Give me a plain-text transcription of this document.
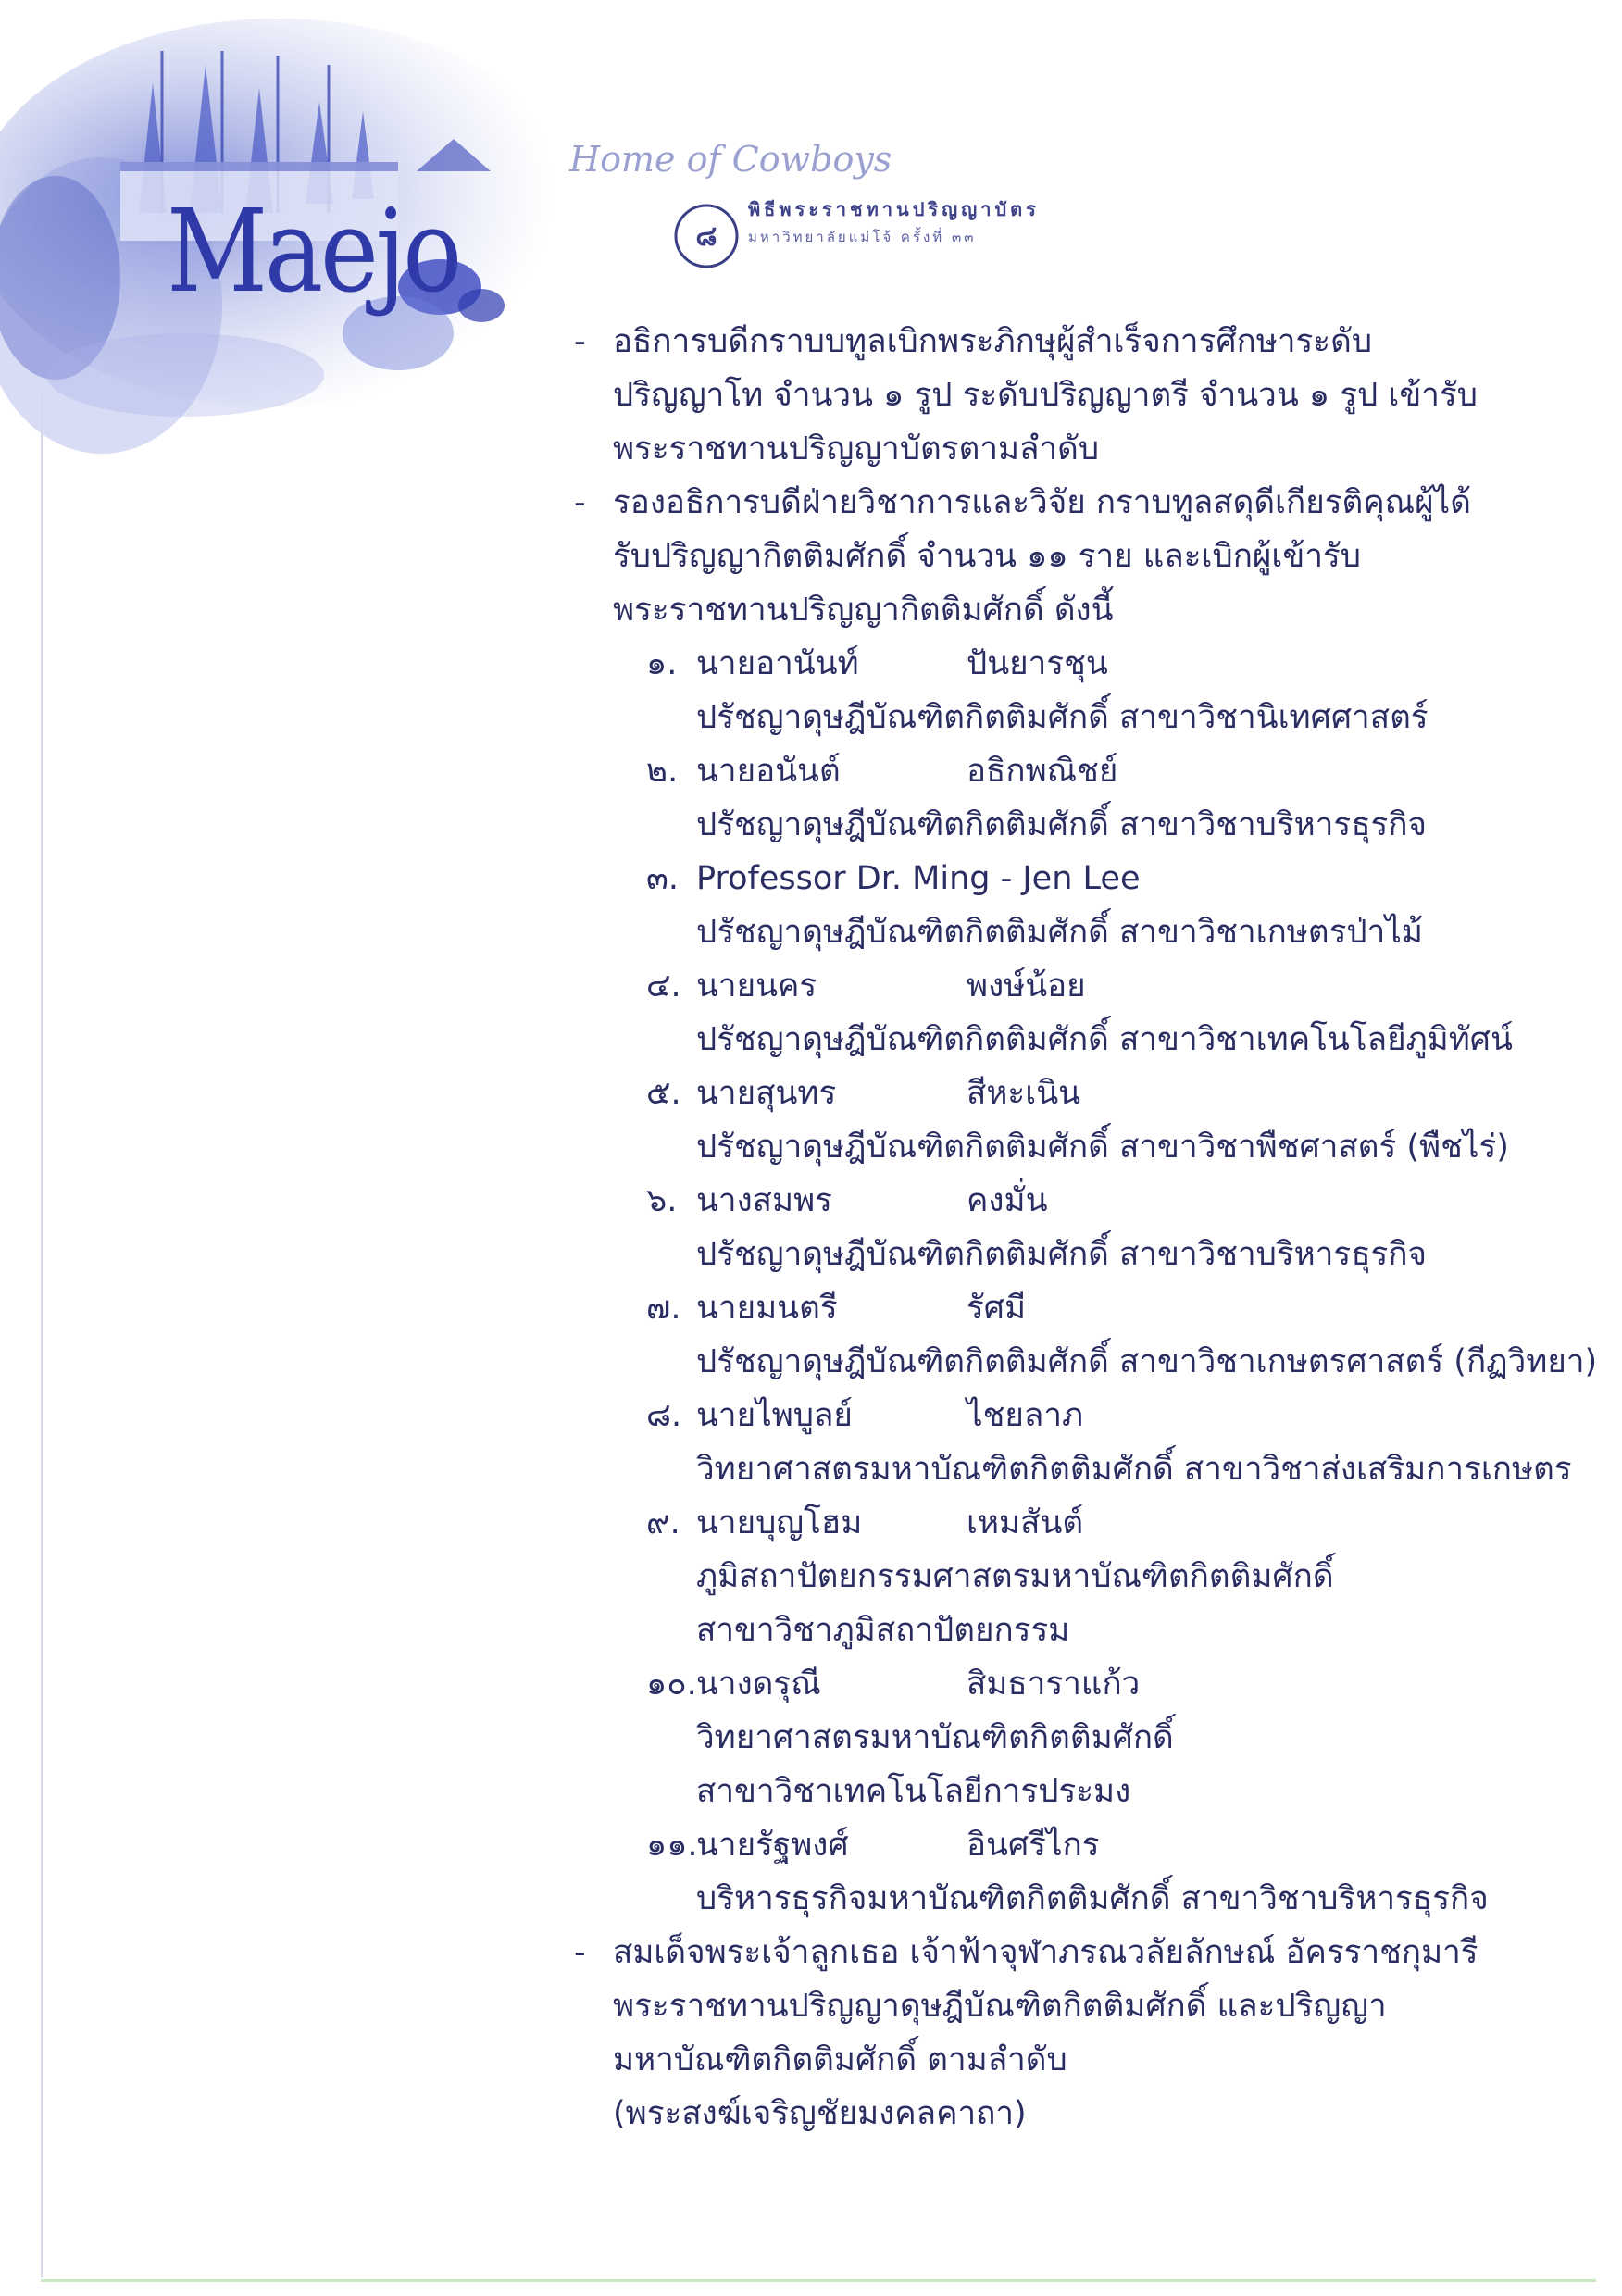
Home of Cowboys
Maejo	๘
พิธีพระราชทานปริญญาบัตร
มหาวิทยาลัยแม่โจ้ ครั้งที่ ๓๓
- อธิการบดีกราบบทูลเบิกพระภิกษุผู้สำเร็จการศึกษาระดับ
ปริญญาโท จำนวน ๑ รูป ระดับปริญญาตรี จำนวน ๑ รูป เข้ารับ
พระราชทานปริญญาบัตรตามลำดับ
- รองอธิการบดีฝ่ายวิชาการและวิจัย กราบทูลสดุดีเกียรติคุณผู้ได้
รับปริญญากิตติมศักดิ์ จำนวน ๑๑ ราย และเบิกผู้เข้ารับ
พระราชทานปริญญากิตติมศักดิ์ ดังนี้
๑. นายอานันท์	ปันยารชุน
ปรัชญาดุษฎีบัณฑิตกิตติมศักดิ์ สาขาวิชานิเทศศาสตร์
๒. นายอนันต์	อธิกพณิชย์
ปรัชญาดุษฎีบัณฑิตกิตติมศักดิ์ สาขาวิชาบริหารธุรกิจ
๓. Professor Dr. Ming - Jen Lee
ปรัชญาดุษฎีบัณฑิตกิตติมศักดิ์ สาขาวิชาเกษตรป่าไม้
๔. นายนคร	พงษ์น้อย
ปรัชญาดุษฎีบัณฑิตกิตติมศักดิ์ สาขาวิชาเทคโนโลยีภูมิทัศน์
๕. นายสุนทร	สีหะเนิน
ปรัชญาดุษฎีบัณฑิตกิตติมศักดิ์ สาขาวิชาพืชศาสตร์ (พืชไร่)
๖. นางสมพร	คงมั่น
ปรัชญาดุษฎีบัณฑิตกิตติมศักดิ์ สาขาวิชาบริหารธุรกิจ
๗. นายมนตรี	รัศมี
ปรัชญาดุษฎีบัณฑิตกิตติมศักดิ์ สาขาวิชาเกษตรศาสตร์ (กีฏวิทยา)
๘. นายไพบูลย์	ไชยลาภ
วิทยาศาสตรมหาบัณฑิตกิตติมศักดิ์ สาขาวิชาส่งเสริมการเกษตร
๙. นายบุญโฮม	เหมสันต์
ภูมิสถาปัตยกรรมศาสตรมหาบัณฑิตกิตติมศักดิ์
สาขาวิชาภูมิสถาปัตยกรรม
๑๐. นางดรุณี	สิมธาราแก้ว
วิทยาศาสตรมหาบัณฑิตกิตติมศักดิ์
สาขาวิชาเทคโนโลยีการประมง
๑๑.
นายรัฐพงศ์	อินศรีไกร
บริหารธุรกิจมหาบัณฑิตกิตติมศักดิ์ สาขาวิชาบริหารธุรกิจ
- สมเด็จพระเจ้าลูกเธอ เจ้าฟ้าจุฬาภรณวลัยลักษณ์ อัครราชกุมารี
พระราชทานปริญญาดุษฎีบัณฑิตกิตติมศักดิ์ และปริญญา
มหาบัณฑิตกิตติมศักดิ์ ตามลำดับ
(พระสงฆ์เจริญชัยมงคลคาถา)
